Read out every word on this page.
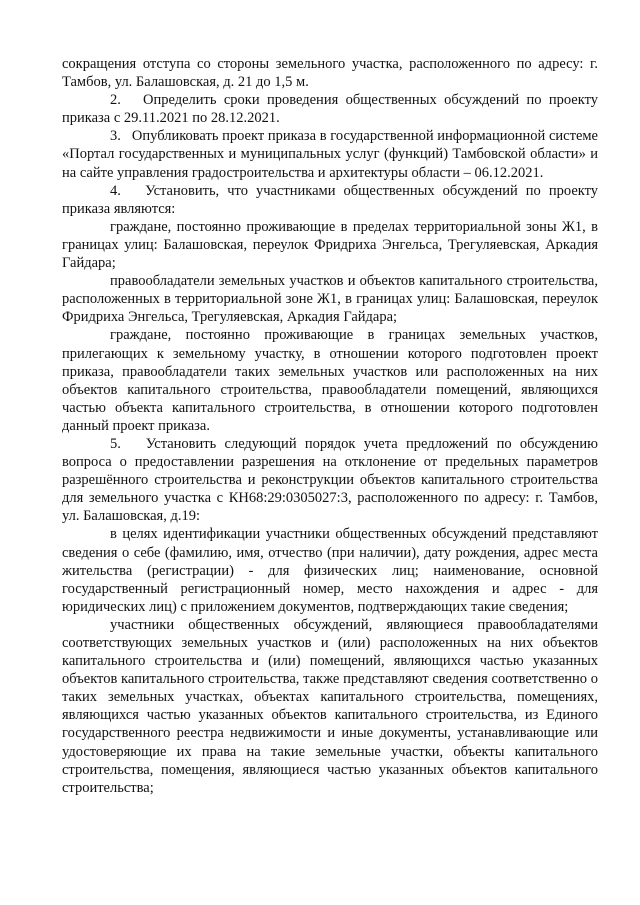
сокращения отступа со стороны земельного участка, расположенного по адресу: г. Тамбов, ул. Балашовская, д. 21 до 1,5 м.

2.   Определить сроки проведения общественных обсуждений по проекту приказа с 29.11.2021 по 28.12.2021.

3.   Опубликовать проект приказа в государственной информационной системе «Портал государственных и муниципальных услуг (функций) Тамбовской области» и на сайте управления градостроительства и архитектуры области – 06.12.2021.

4.   Установить, что участниками общественных обсуждений по проекту приказа являются:

граждане, постоянно проживающие в пределах территориальной зоны Ж1, в границах улиц: Балашовская, переулок Фридриха Энгельса, Трегуляевская, Аркадия Гайдара;

правообладатели земельных участков и объектов капитального строительства, расположенных в территориальной зоне Ж1, в границах улиц: Балашовская, переулок Фридриха Энгельса, Трегуляевская, Аркадия Гайдара;

граждане, постоянно проживающие в границах земельных участков, прилегающих к земельному участку, в отношении которого подготовлен проект приказа, правообладатели таких земельных участков или расположенных на них объектов капитального строительства, правообладатели помещений, являющихся частью объекта капитального строительства, в отношении которого подготовлен данный проект приказа.

5.   Установить следующий порядок учета предложений по обсуждению вопроса о предоставлении разрешения на отклонение от предельных параметров разрешённого строительства и реконструкции объектов капитального строительства для земельного участка с КН68:29:0305027:3, расположенного по адресу: г. Тамбов, ул. Балашовская, д.19:

в целях идентификации участники общественных обсуждений представляют сведения о себе (фамилию, имя, отчество (при наличии), дату рождения, адрес места жительства (регистрации) - для физических лиц; наименование, основной государственный регистрационный номер, место нахождения и адрес - для юридических лиц) с приложением документов, подтверждающих такие сведения;

участники общественных обсуждений, являющиеся правообладателями соответствующих земельных участков и (или) расположенных на них объектов капитального строительства и (или) помещений, являющихся частью указанных объектов капитального строительства, также представляют сведения соответственно о таких земельных участках, объектах капитального строительства, помещениях, являющихся частью указанных объектов капитального строительства, из Единого государственного реестра недвижимости и иные документы, устанавливающие или удостоверяющие их права на такие земельные участки, объекты капитального строительства, помещения, являющиеся частью указанных объектов капитального строительства;
